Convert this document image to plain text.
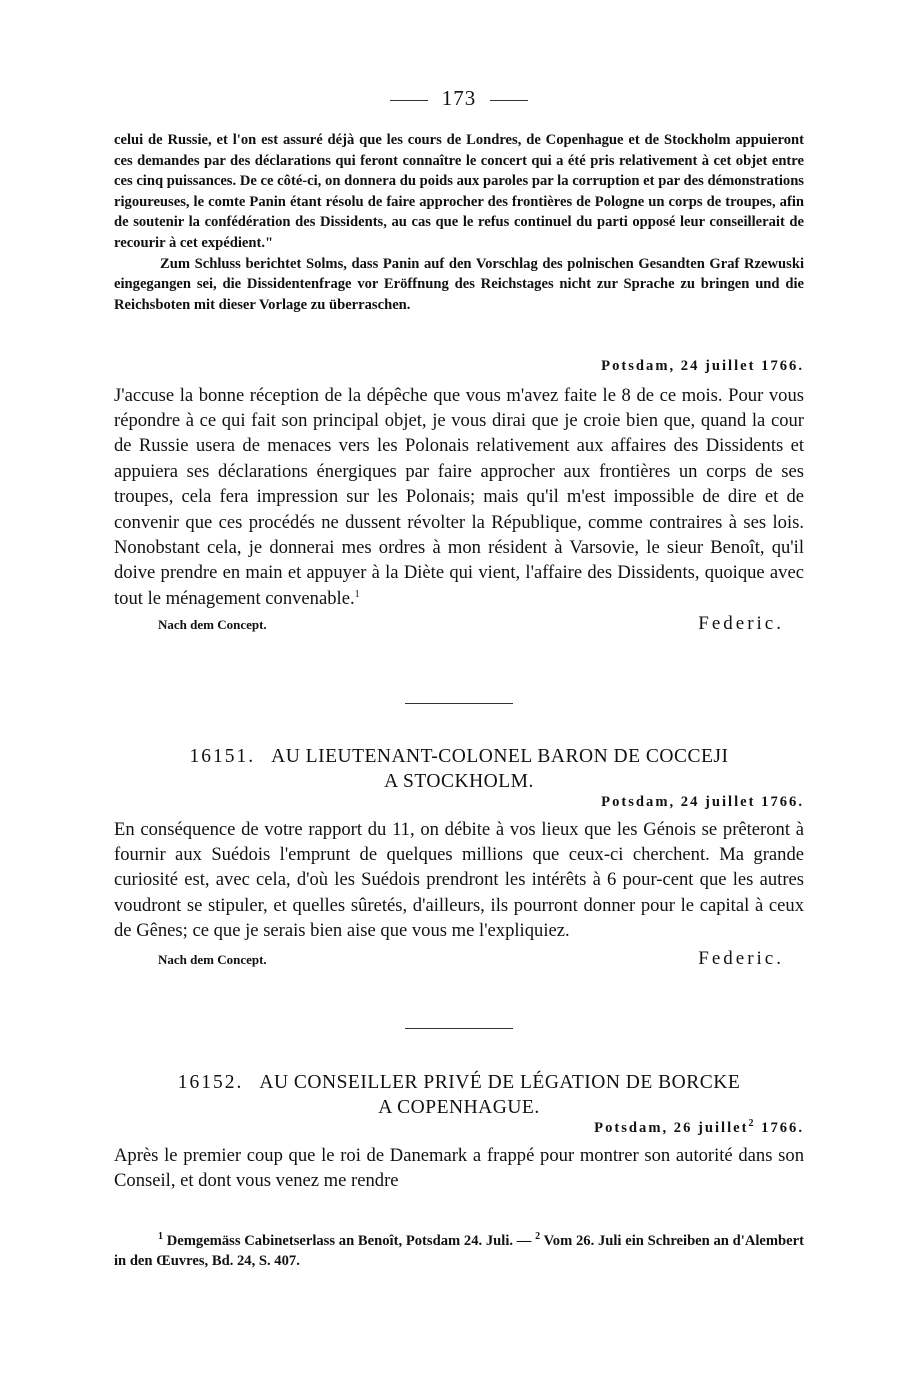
173

celui de Russie, et l'on est assuré déjà que les cours de Londres, de Copenhague et de Stockholm appuieront ces demandes par des déclarations qui feront connaître le concert qui a été pris relativement à cet objet entre ces cinq puissances. De ce côté-ci, on donnera du poids aux paroles par la corruption et par des démonstrations rigoureuses, le comte Panin étant résolu de faire approcher des frontières de Pologne un corps de troupes, afin de soutenir la confédération des Dissidents, au cas que le refus continuel du parti opposé leur conseillerait de recourir à cet expédient."

Zum Schluss berichtet Solms, dass Panin auf den Vorschlag des polnischen Gesandten Graf Rzewuski eingegangen sei, die Dissidentenfrage vor Eröffnung des Reichstages nicht zur Sprache zu bringen und die Reichsboten mit dieser Vorlage zu überraschen.

Potsdam, 24 juillet 1766.

J'accuse la bonne réception de la dépêche que vous m'avez faite le 8 de ce mois. Pour vous répondre à ce qui fait son principal objet, je vous dirai que je croie bien que, quand la cour de Russie usera de menaces vers les Polonais relativement aux affaires des Dissidents et appuiera ses déclarations énergiques par faire approcher aux frontières un corps de ses troupes, cela fera impression sur les Polonais; mais qu'il m'est impossible de dire et de convenir que ces procédés ne dussent révolter la République, comme contraires à ses lois. Nonobstant cela, je donnerai mes ordres à mon résident à Varsovie, le sieur Benoît, qu'il doive prendre en main et appuyer à la Diète qui vient, l'affaire des Dissidents, quoique avec tout le ménagement convenable.$^1$

Nach dem Concept.	Federic.
16151. AU LIEUTENANT-COLONEL BARON DE COCCEJI
A STOCKHOLM.
Potsdam, 24 juillet 1766.

En conséquence de votre rapport du 11, on débite à vos lieux que les Génois se prêteront à fournir aux Suédois l'emprunt de quelques millions que ceux-ci cherchent. Ma grande curiosité est, avec cela, d'où les Suédois prendront les intérêts à 6 pour-cent que les autres voudront se stipuler, et quelles sûretés, d'ailleurs, ils pourront donner pour le capital à ceux de Gênes; ce que je serais bien aise que vous me l'expliquiez.

Nach dem Concept.	Federic.
16152. AU CONSEILLER PRIVÉ DE LÉGATION DE BORCKE
A COPENHAGUE.
Potsdam, 26 juillet$^2$ 1766.

Après le premier coup que le roi de Danemark a frappé pour montrer son autorité dans son Conseil, et dont vous venez me rendre

$^1$ Demgemäss Cabinetserlass an Benoît, Potsdam 24. Juli. — $^2$ Vom 26. Juli ein Schreiben an d'Alembert in den Œuvres, Bd. 24, S. 407.
